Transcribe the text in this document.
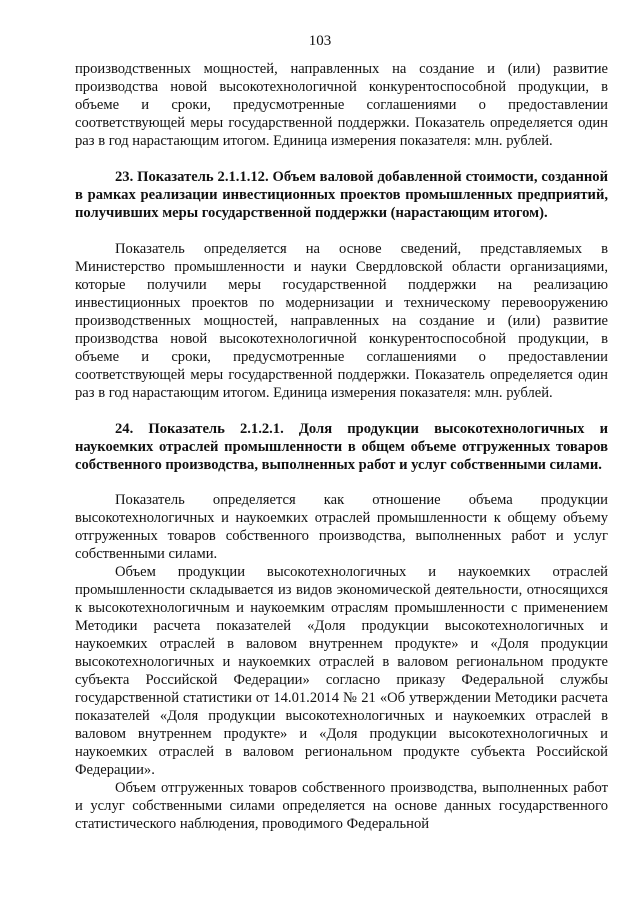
103

производственных мощностей, направленных на создание и (или) развитие производства новой высокотехнологичной конкурентоспособной продукции, в объеме и сроки, предусмотренные соглашениями о предоставлении соответствующей меры государственной поддержки. Показатель определяется один раз в год нарастающим итогом. Единица измерения показателя: млн. рублей.

23. Показатель 2.1.1.12. Объем валовой добавленной стоимости, созданной в рамках реализации инвестиционных проектов промышленных предприятий, получивших меры государственной поддержки (нарастающим итогом).

Показатель определяется на основе сведений, представляемых в Министерство промышленности и науки Свердловской области организациями, которые получили меры государственной поддержки на реализацию инвестиционных проектов по модернизации и техническому перевооружению производственных мощностей, направленных на создание и (или) развитие производства новой высокотехнологичной конкурентоспособной продукции, в объеме и сроки, предусмотренные соглашениями о предоставлении соответствующей меры государственной поддержки. Показатель определяется один раз в год нарастающим итогом. Единица измерения показателя: млн. рублей.

24. Показатель 2.1.2.1. Доля продукции высокотехнологичных и наукоемких отраслей промышленности в общем объеме отгруженных товаров собственного производства, выполненных работ и услуг собственными силами.

Показатель определяется как отношение объема продукции высокотехнологичных и наукоемких отраслей промышленности к общему объему отгруженных товаров собственного производства, выполненных работ и услуг собственными силами.

Объем продукции высокотехнологичных и наукоемких отраслей промышленности складывается из видов экономической деятельности, относящихся к высокотехнологичным и наукоемким отраслям промышленности с применением Методики расчета показателей «Доля продукции высокотехнологичных и наукоемких отраслей в валовом внутреннем продукте» и «Доля продукции высокотехнологичных и наукоемких отраслей в валовом региональном продукте субъекта Российской Федерации» согласно приказу Федеральной службы государственной статистики от 14.01.2014 № 21 «Об утверждении Методики расчета показателей «Доля продукции высокотехнологичных и наукоемких отраслей в валовом внутреннем продукте» и «Доля продукции высокотехнологичных и наукоемких отраслей в валовом региональном продукте субъекта Российской Федерации».

Объем отгруженных товаров собственного производства, выполненных работ и услуг собственными силами определяется на основе данных государственного статистического наблюдения, проводимого Федеральной
